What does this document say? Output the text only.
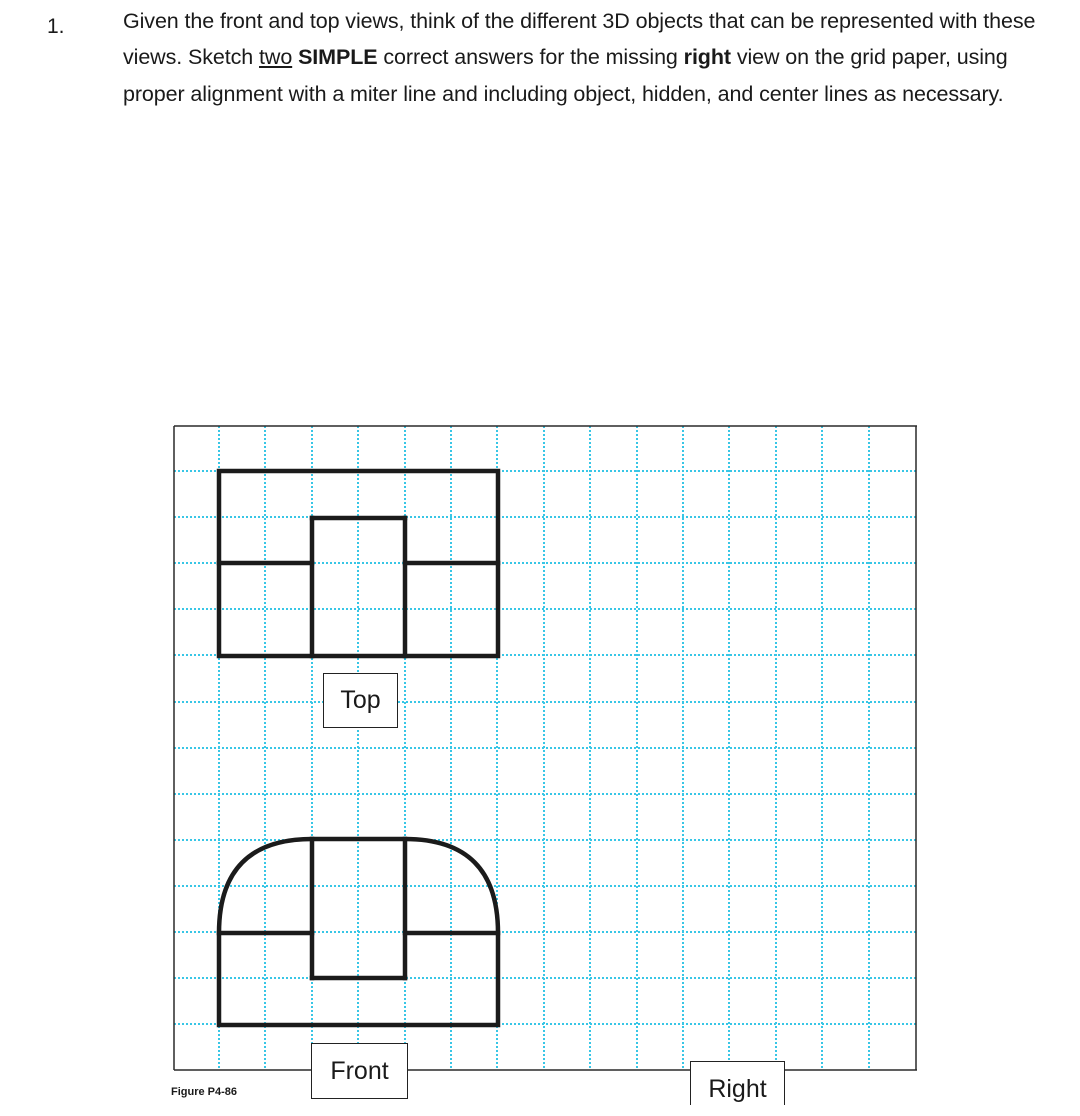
1.	Given the front and top views, think of the different 3D objects that can be represented with these views. Sketch two SIMPLE correct answers for the missing right view on the grid paper, using proper alignment with a miter line and including object, hidden, and center lines as necessary.
Top
Front
Right
Figure P4-86
